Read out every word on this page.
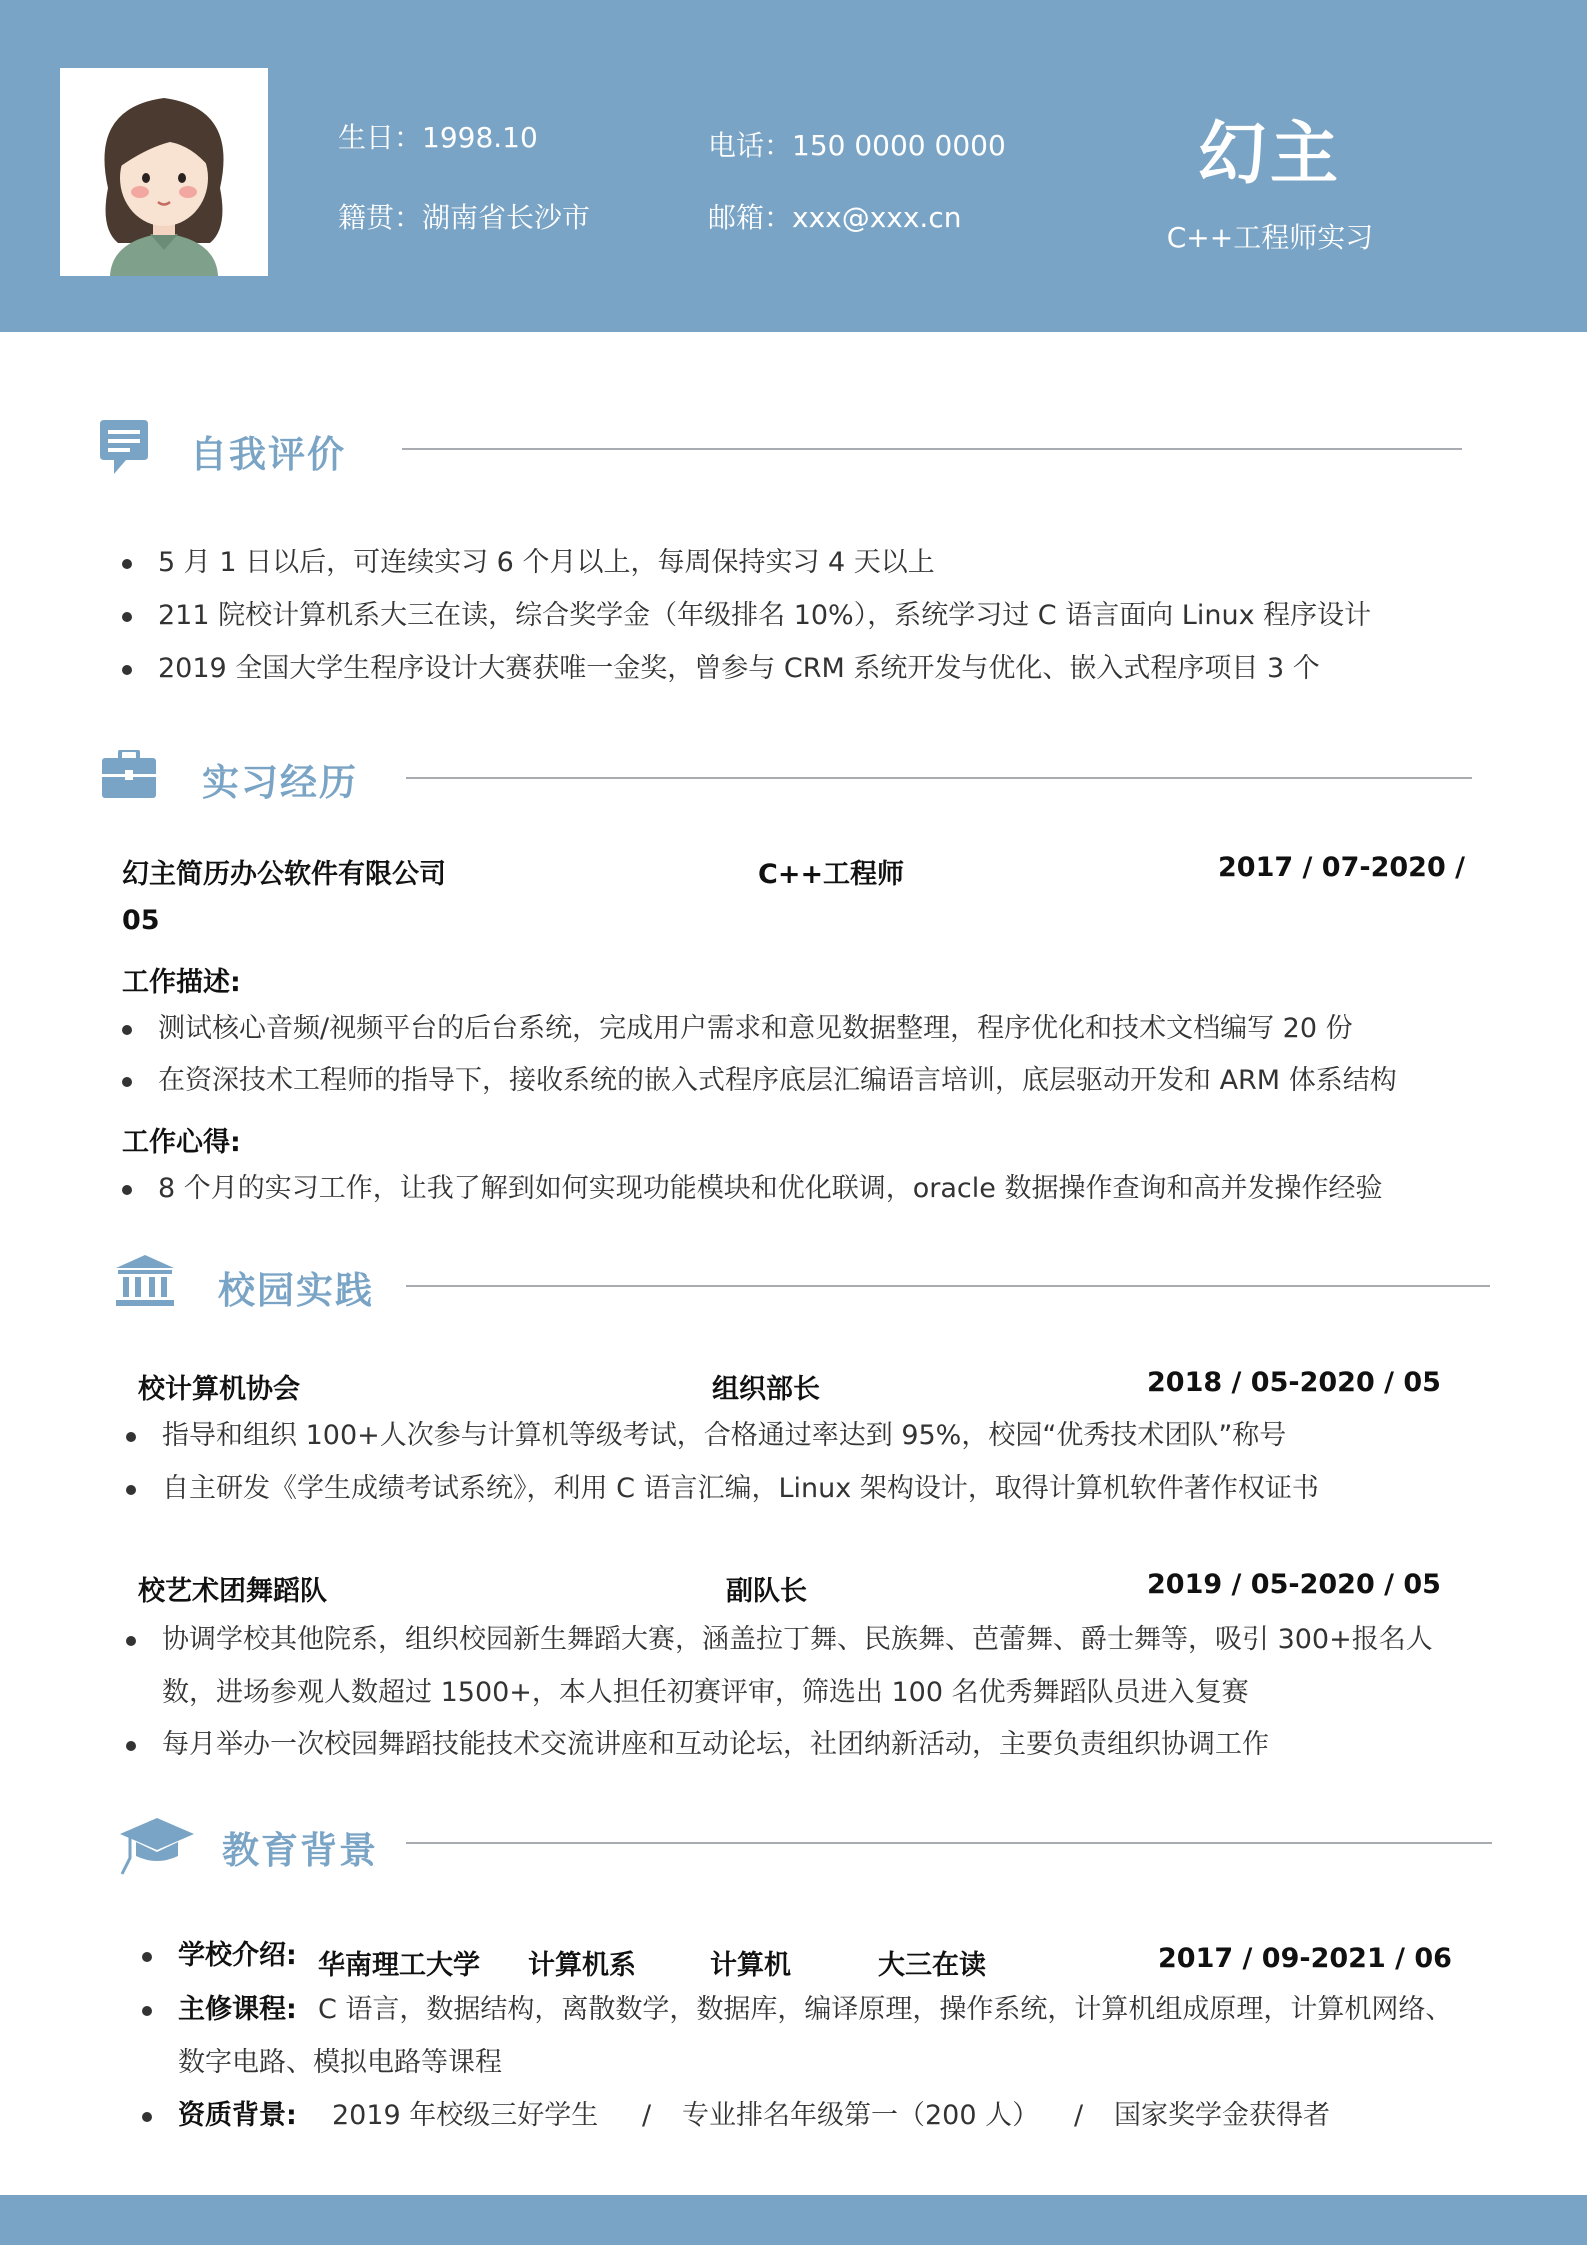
生日：1998.10
籍贯：湖南省长沙市
电话：150 0000 0000
邮箱：xxx@xxx.cn
幻主
C++工程师实习
自我评价
5 月 1 日以后，可连续实习 6 个月以上，每周保持实习 4 天以上
211 院校计算机系大三在读，综合奖学金（年级排名 10%），系统学习过 C 语言面向 Linux 程序设计
2019 全国大学生程序设计大赛获唯一金奖，曾参与 CRM 系统开发与优化、嵌入式程序项目 3 个
实习经历
幻主简历办公软件有限公司	C++工程师	2017 / 07-2020 /
05
工作描述:
测试核心音频/视频平台的后台系统，完成用户需求和意见数据整理，程序优化和技术文档编写 20 份
在资深技术工程师的指导下，接收系统的嵌入式程序底层汇编语言培训，底层驱动开发和 ARM 体系结构
工作心得:
8 个月的实习工作，让我了解到如何实现功能模块和优化联调，oracle 数据操作查询和高并发操作经验
校园实践
校计算机协会	组织部长	2018 / 05-2020 / 05
指导和组织 100+人次参与计算机等级考试，合格通过率达到 95%，校园“优秀技术团队”称号
自主研发《学生成绩考试系统》，利用 C 语言汇编，Linux 架构设计，取得计算机软件著作权证书
校艺术团舞蹈队	副队长	2019 / 05-2020 / 05
协调学校其他院系，组织校园新生舞蹈大赛，涵盖拉丁舞、民族舞、芭蕾舞、爵士舞等，吸引 300+报名人
数，进场参观人数超过 1500+，本人担任初赛评审，筛选出 100 名优秀舞蹈队员进入复赛
每月举办一次校园舞蹈技能技术交流讲座和互动论坛，社团纳新活动，主要负责组织协调工作
教育背景
学校介绍: 华南理工大学 计算机系	计算机	大三在读	2017 / 09-2021 / 06
主修课程: C 语言，数据结构，离散数学，数据库，编译原理，操作系统，计算机组成原理，计算机网络、
数字电路、模拟电路等课程
资质背景: 2019 年校级三好学生 / 专业排名年级第一（200 人） / 国家奖学金获得者
